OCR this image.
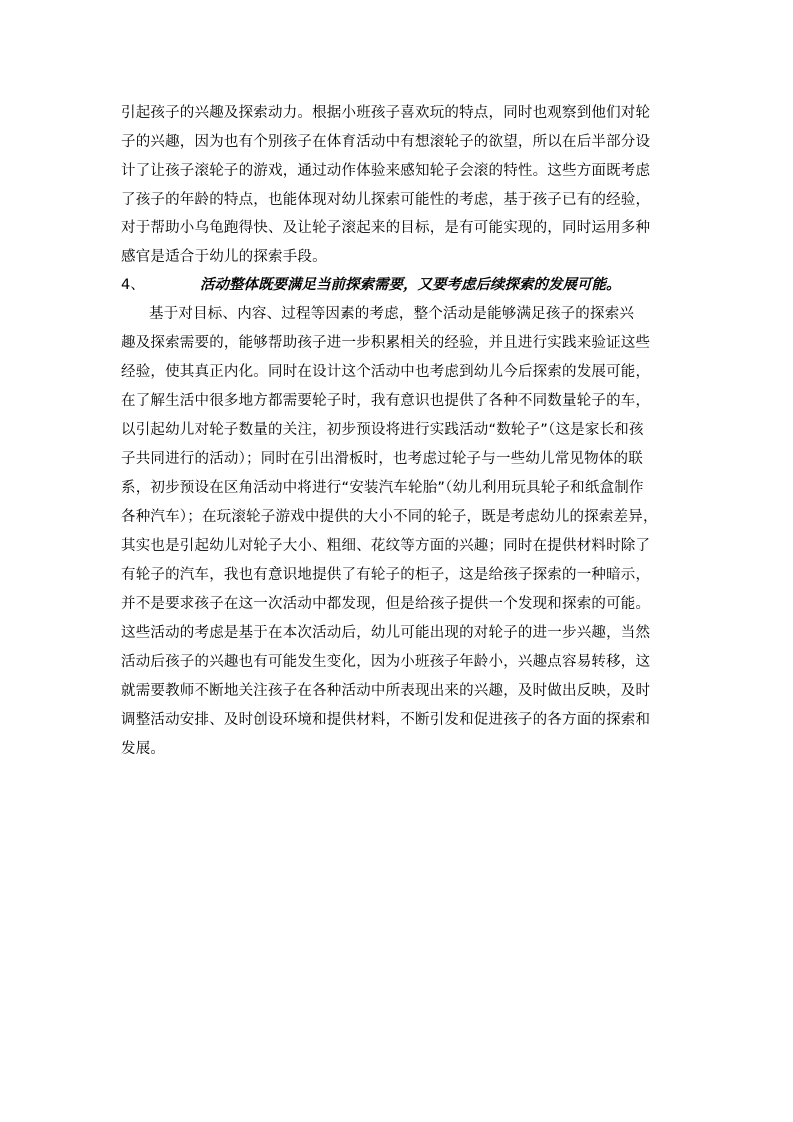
引起孩子的兴趣及探索动力。根据小班孩子喜欢玩的特点，同时也观察到他们对轮
子的兴趣，因为也有个别孩子在体育活动中有想滚轮子的欲望，所以在后半部分设
计了让孩子滚轮子的游戏，通过动作体验来感知轮子会滚的特性。这些方面既考虑
了孩子的年龄的特点，也能体现对幼儿探索可能性的考虑，基于孩子已有的经验，
对于帮助小乌龟跑得快、及让轮子滚起来的目标，是有可能实现的，同时运用多种
感官是适合于幼儿的探索手段。
4、	活动整体既要满足当前探索需要，又要考虑后续探索的发展可能。
基于对目标、内容、过程等因素的考虑，整个活动是能够满足孩子的探索兴
趣及探索需要的，能够帮助孩子进一步积累相关的经验，并且进行实践来验证这些
经验，使其真正内化。同时在设计这个活动中也考虑到幼儿今后探索的发展可能，
在了解生活中很多地方都需要轮子时，我有意识也提供了各种不同数量轮子的车，
以引起幼儿对轮子数量的关注，初步预设将进行实践活动“数轮子”（这是家长和孩
子共同进行的活动）；同时在引出滑板时，也考虑过轮子与一些幼儿常见物体的联
系，初步预设在区角活动中将进行“安装汽车轮胎”（幼儿利用玩具轮子和纸盒制作
各种汽车）；在玩滚轮子游戏中提供的大小不同的轮子，既是考虑幼儿的探索差异，
其实也是引起幼儿对轮子大小、粗细、花纹等方面的兴趣；同时在提供材料时除了
有轮子的汽车，我也有意识地提供了有轮子的柜子，这是给孩子探索的一种暗示，
并不是要求孩子在这一次活动中都发现，但是给孩子提供一个发现和探索的可能。
这些活动的考虑是基于在本次活动后，幼儿可能出现的对轮子的进一步兴趣，当然
活动后孩子的兴趣也有可能发生变化，因为小班孩子年龄小，兴趣点容易转移，这
就需要教师不断地关注孩子在各种活动中所表现出来的兴趣，及时做出反映，及时
调整活动安排、及时创设环境和提供材料，不断引发和促进孩子的各方面的探索和
发展。
